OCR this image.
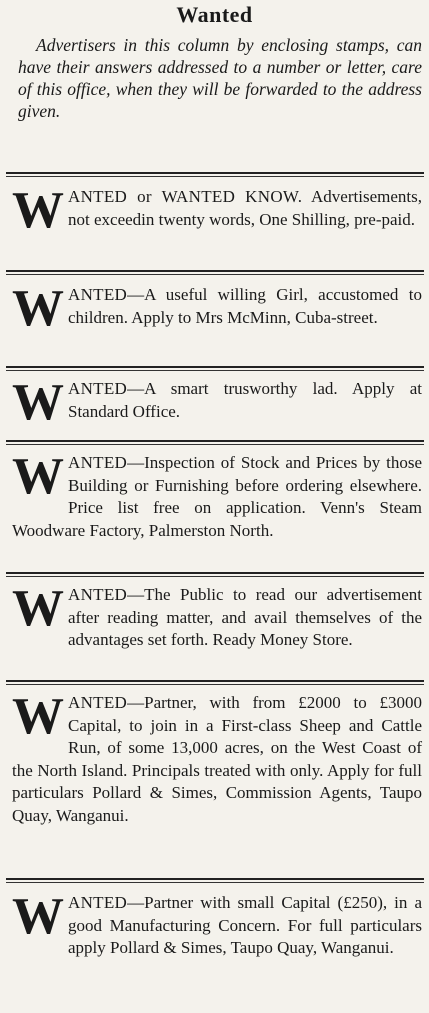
Wanted
Advertisers in this column by enclosing stamps, can have their answers addressed to a number or letter, care of this office, when they will be forwarded to the address given.

WANTED or WANTED KNOW. Advertisements, not exceedin twenty words, One Shilling, pre-paid.

WANTED—A useful willing Girl, accustomed to children. Apply to Mrs McMinn, Cuba-street.

WANTED—A smart trusworthy lad. Apply at Standard Office.

WANTED—Inspection of Stock and Prices by those Building or Furnishing before ordering elsewhere. Price list free on application. Venn's Steam Woodware Factory, Palmerston North.

WANTED—The Public to read our advertisement after reading matter, and avail themselves of the advantages set forth. Ready Money Store.

WANTED—Partner, with from £2000 to £3000 Capital, to join in a First-class Sheep and Cattle Run, of some 13,000 acres, on the West Coast of the North Island. Principals treated with only. Apply for full particulars Pollard & Simes, Commission Agents, Taupo Quay, Wanganui.

WANTED—Partner with small Capital (£250), in a good Manufacturing Concern. For full particulars apply Pollard & Simes, Taupo Quay, Wanganui.
